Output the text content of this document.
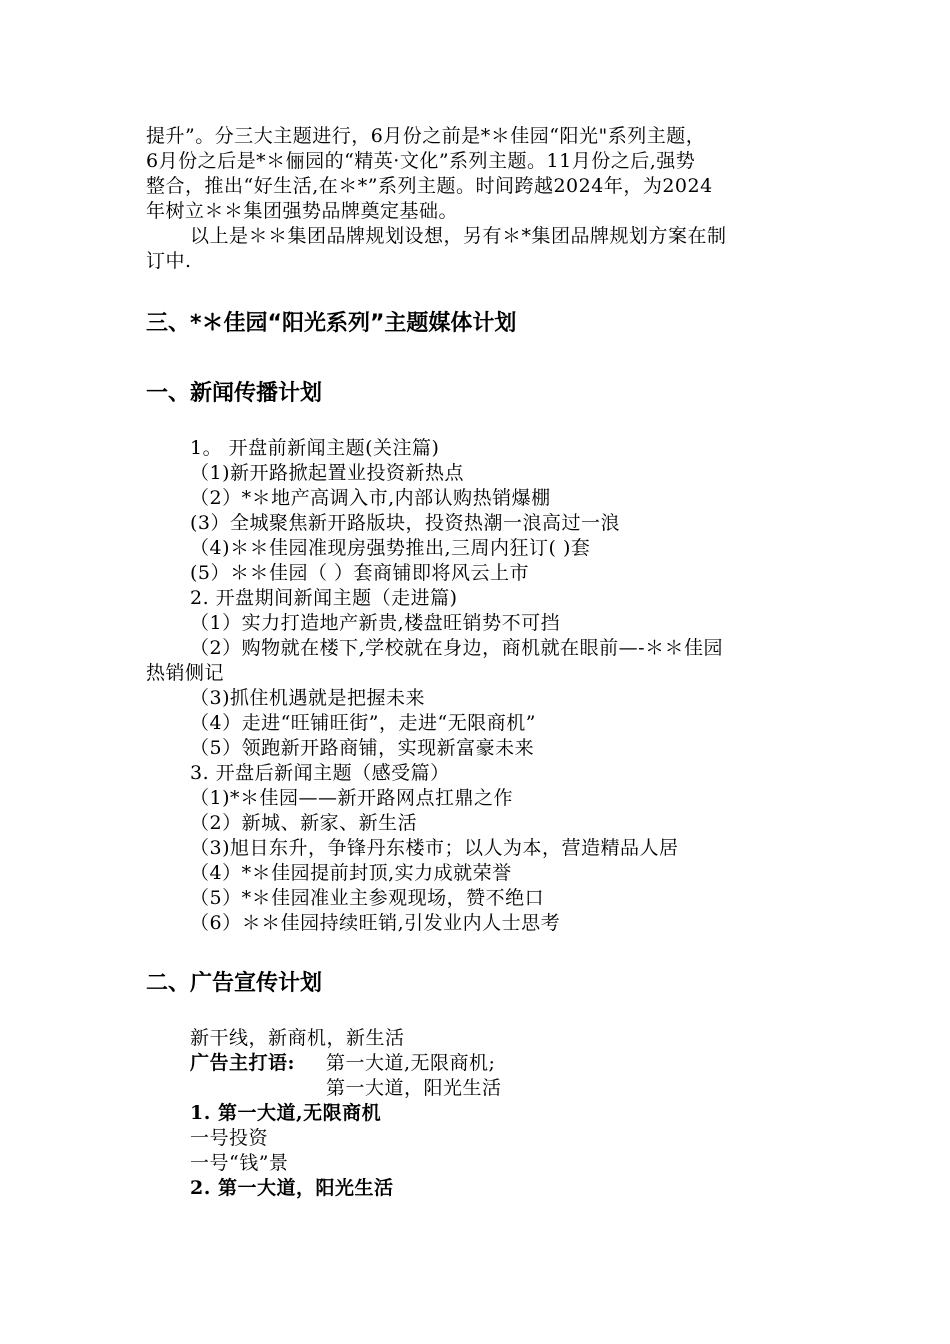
提升”。分三大主题进行，6月份之前是*＊佳园“阳光"系列主题，
6月份之后是*＊俪园的“精英·文化”系列主题。11月份之后,强势
整合，推出“好生活,在＊*”系列主题。时间跨越2024年，为2024
年树立＊＊集团强势品牌奠定基础。
以上是＊＊集团品牌规划设想，另有＊*集团品牌规划方案在制
订中.
三、*＊佳园“阳光系列”主题媒体计划
一、新闻传播计划
1。 开盘前新闻主题(关注篇)
（1)新开路掀起置业投资新热点
（2）*＊地产高调入市,内部认购热销爆棚
(3）全城聚焦新开路版块，投资热潮一浪高过一浪
（4)＊＊佳园准现房强势推出,三周内狂订( )套
(5）＊＊佳园（ ）套商铺即将风云上市
2. 开盘期间新闻主题（走进篇)
（1）实力打造地产新贵,楼盘旺销势不可挡
（2）购物就在楼下,学校就在身边，商机就在眼前—-＊＊佳园
热销侧记
（3)抓住机遇就是把握未来
（4）走进“旺铺旺街”，走进“无限商机”
（5）领跑新开路商铺，实现新富豪未来
3. 开盘后新闻主题（感受篇）
（1)*＊佳园——新开路网点扛鼎之作
（2）新城、新家、新生活
（3)旭日东升，争锋丹东楼市；以人为本，营造精品人居
（4）*＊佳园提前封顶,实力成就荣誉
（5）*＊佳园准业主参观现场，赞不绝口
（6）＊＊佳园持续旺销,引发业内人士思考
二、广告宣传计划
新干线，新商机，新生活
广告主打语: 第一大道,无限商机;
第一大道，阳光生活
1. 第一大道,无限商机
一号投资
一号“钱”景
2. 第一大道，阳光生活
